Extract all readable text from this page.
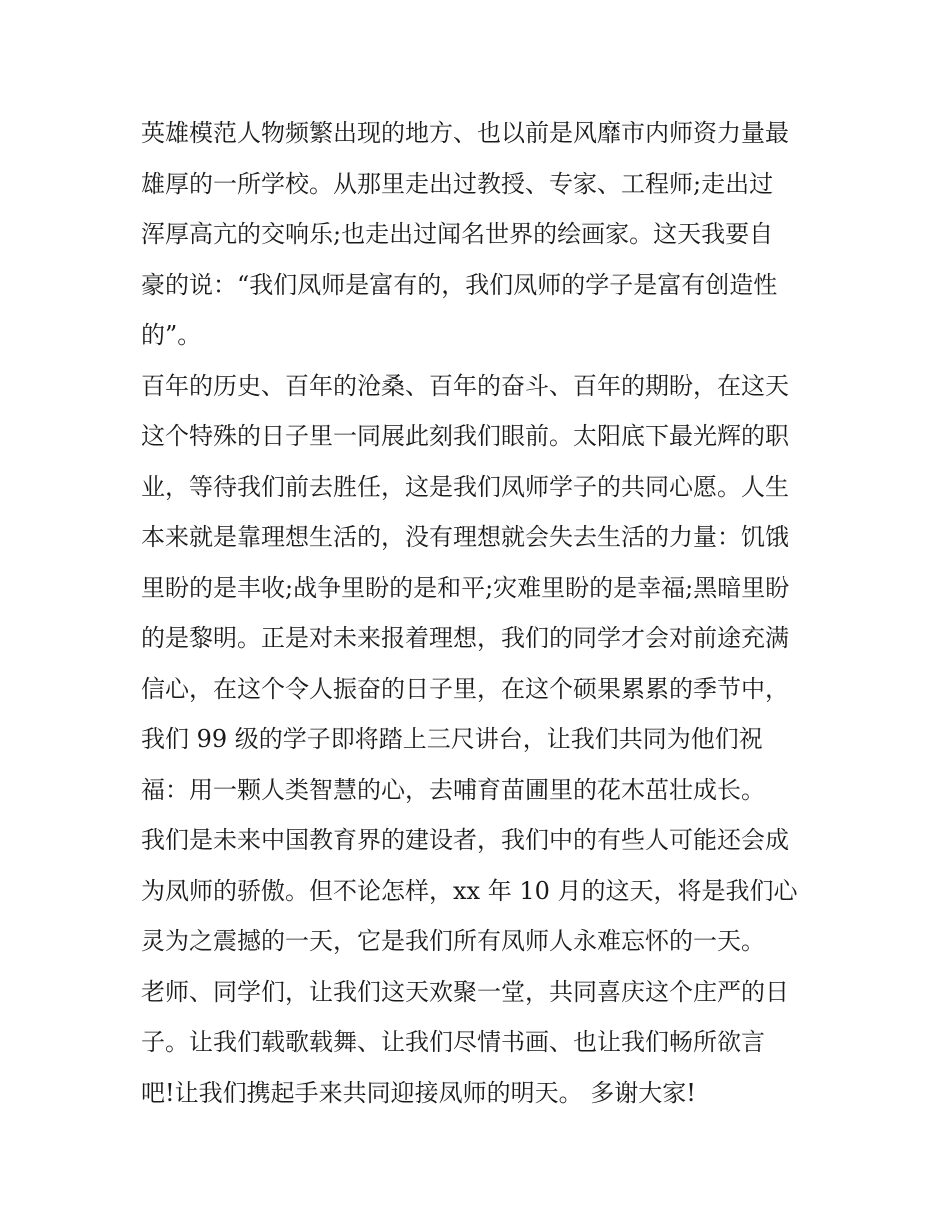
英雄模范人物频繁出现的地方、也以前是风靡市内师资力量最
雄厚的一所学校。从那里走出过教授、专家、工程师;走出过
浑厚高亢的交响乐;也走出过闻名世界的绘画家。这天我要自
豪的说：“我们凤师是富有的，我们凤师的学子是富有创造性
的”。
百年的历史、百年的沧桑、百年的奋斗、百年的期盼，在这天
这个特殊的日子里一同展此刻我们眼前。太阳底下最光辉的职
业，等待我们前去胜任，这是我们凤师学子的共同心愿。人生
本来就是靠理想生活的，没有理想就会失去生活的力量：饥饿
里盼的是丰收;战争里盼的是和平;灾难里盼的是幸福;黑暗里盼
的是黎明。正是对未来报着理想，我们的同学才会对前途充满
信心，在这个令人振奋的日子里，在这个硕果累累的季节中，
我们 99 级的学子即将踏上三尺讲台，让我们共同为他们祝
福：用一颗人类智慧的心，去哺育苗圃里的花木茁壮成长。
我们是未来中国教育界的建设者，我们中的有些人可能还会成
为凤师的骄傲。但不论怎样，xx 年 10 月的这天，将是我们心
灵为之震撼的一天，它是我们所有凤师人永难忘怀的一天。
老师、同学们，让我们这天欢聚一堂，共同喜庆这个庄严的日
子。让我们载歌载舞、让我们尽情书画、也让我们畅所欲言
吧!让我们携起手来共同迎接凤师的明天。 多谢大家!
